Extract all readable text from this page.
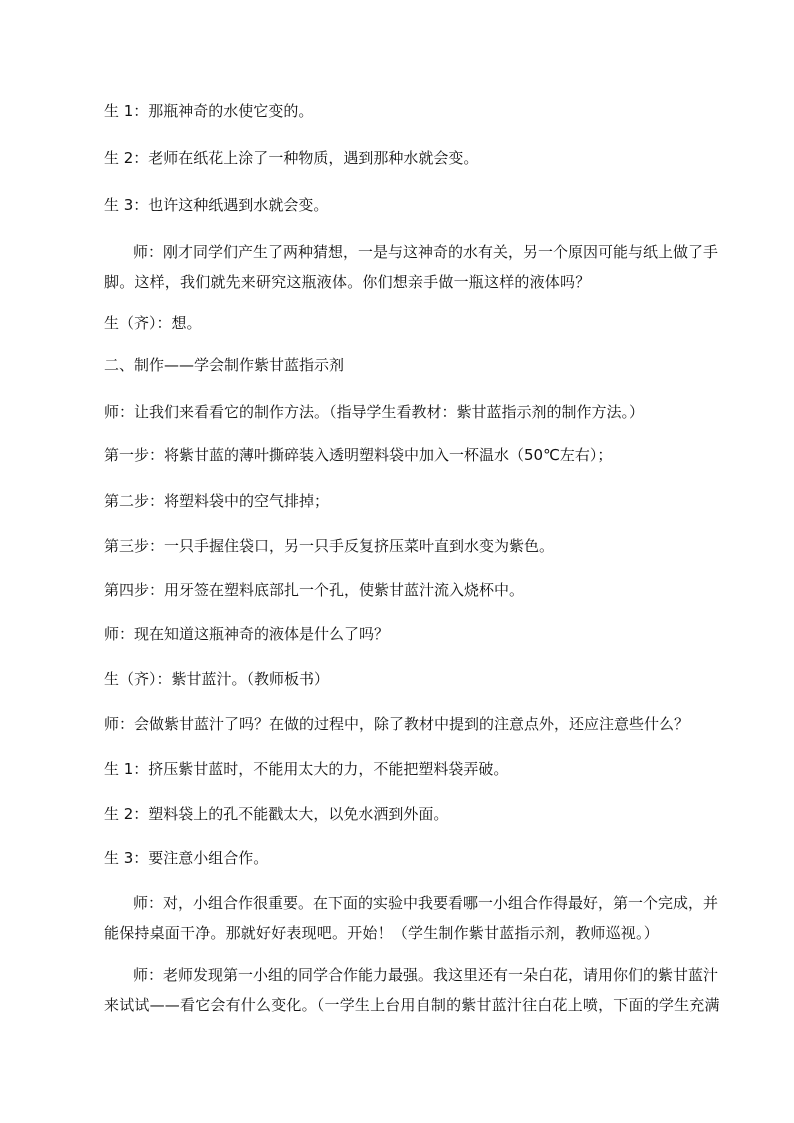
生 1：那瓶神奇的水使它变的。
生 2：老师在纸花上涂了一种物质，遇到那种水就会变。
生 3：也许这种纸遇到水就会变。
师：刚才同学们产生了两种猜想，一是与这神奇的水有关，另一个原因可能与纸上做了手
脚。这样，我们就先来研究这瓶液体。你们想亲手做一瓶这样的液体吗？
生（齐）：想。
二、制作——学会制作紫甘蓝指示剂
师：让我们来看看它的制作方法。（指导学生看教材：紫甘蓝指示剂的制作方法。）
第一步：将紫甘蓝的薄叶撕碎装入透明塑料袋中加入一杯温水（50℃左右）；
第二步：将塑料袋中的空气排掉；
第三步：一只手握住袋口，另一只手反复挤压菜叶直到水变为紫色。
第四步：用牙签在塑料底部扎一个孔，使紫甘蓝汁流入烧杯中。
师：现在知道这瓶神奇的液体是什么了吗？
生（齐）：紫甘蓝汁。（教师板书）
师：会做紫甘蓝汁了吗？在做的过程中，除了教材中提到的注意点外，还应注意些什么？
生 1：挤压紫甘蓝时，不能用太大的力，不能把塑料袋弄破。
生 2：塑料袋上的孔不能戳太大，以免水洒到外面。
生 3：要注意小组合作。
师：对，小组合作很重要。在下面的实验中我要看哪一小组合作得最好，第一个完成，并
能保持桌面干净。那就好好表现吧。开始！（学生制作紫甘蓝指示剂，教师巡视。）
师：老师发现第一小组的同学合作能力最强。我这里还有一朵白花，请用你们的紫甘蓝汁
来试试——看它会有什么变化。（一学生上台用自制的紫甘蓝汁往白花上喷，下面的学生充满
